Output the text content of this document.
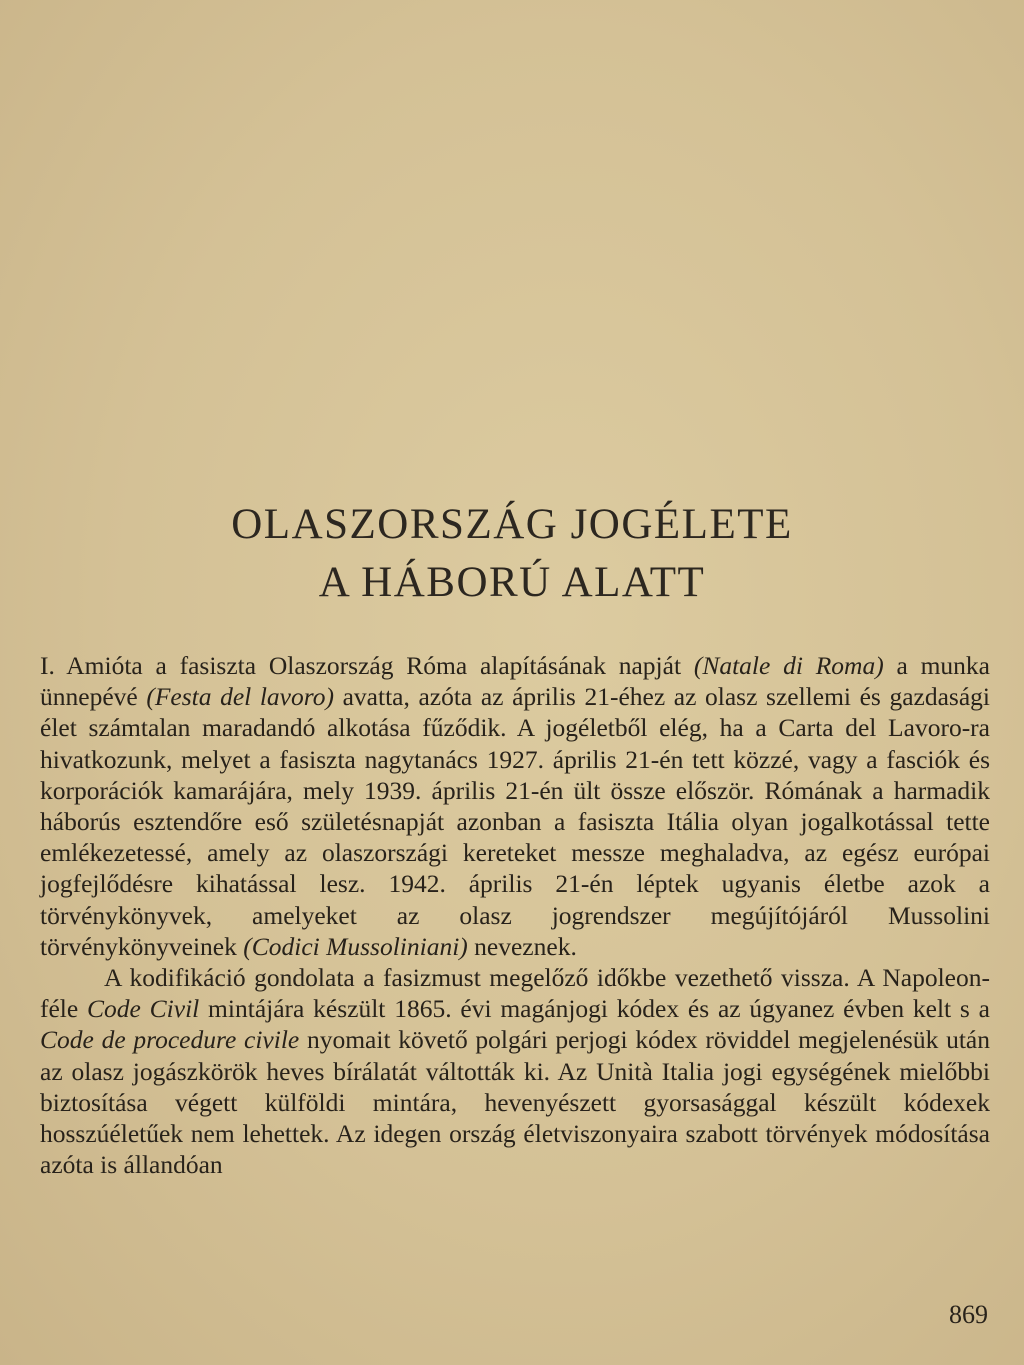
OLASZORSZÁG JOGÉLETE
A HÁBORÚ ALATT

I. Amióta a fasiszta Olaszország Róma alapításának napját (Natale di Roma) a munka ünnepévé (Festa del lavoro) avatta, azóta az április 21-éhez az olasz szellemi és gazdasági élet számtalan maradandó alkotása fűződik. A jogéletből elég, ha a Carta del Lavoro-ra hivatkozunk, melyet a fasiszta nagytanács 1927. április 21-én tett közzé, vagy a fasciók és korporációk kamarájára, mely 1939. április 21-én ült össze először. Rómának a harmadik háborús esztendőre eső születésnapját azonban a fasiszta Itália olyan jogalkotással tette emlékezetessé, amely az olaszországi kereteket messze meghaladva, az egész európai jogfejlődésre kihatással lesz. 1942. április 21-én léptek ugyanis életbe azok a törvénykönyvek, amelyeket az olasz jogrendszer megújítójáról Mussolini törvénykönyveinek (Codici Mussoliniani) neveznek.

A kodifikáció gondolata a fasizmust megelőző időkbe vezethető vissza. A Napoleon-féle Code Civil mintájára készült 1865. évi magánjogi kódex és az úgyanez évben kelt s a Code de procedure civile nyomait követő polgári perjogi kódex röviddel megjelenésük után az olasz jogászkörök heves bírálatát váltották ki. Az Unità Italia jogi egységének mielőbbi biztosítása végett külföldi mintára, hevenyészett gyorsasággal készült kódexek hosszúéletűek nem lehettek. Az idegen ország életviszonyaira szabott törvények módosítása azóta is állandóan

869
